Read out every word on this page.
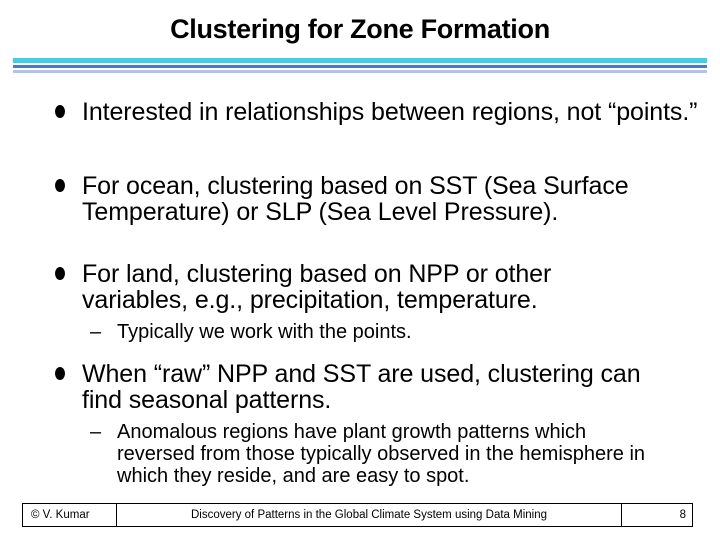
Clustering for Zone Formation
Interested in relationships between regions, not “points.”
For ocean, clustering based on SST (Sea Surface Temperature) or SLP (Sea Level Pressure).
For land, clustering based on NPP or other variables, e.g., precipitation, temperature.
– Typically we work with the points.
When “raw” NPP and SST are used, clustering can find seasonal patterns.
– Anomalous regions have plant growth patterns which reversed from those typically observed in the hemisphere in which they reside, and are easy to spot.
© V. Kumar	Discovery of Patterns in the Global Climate System using Data Mining	8
